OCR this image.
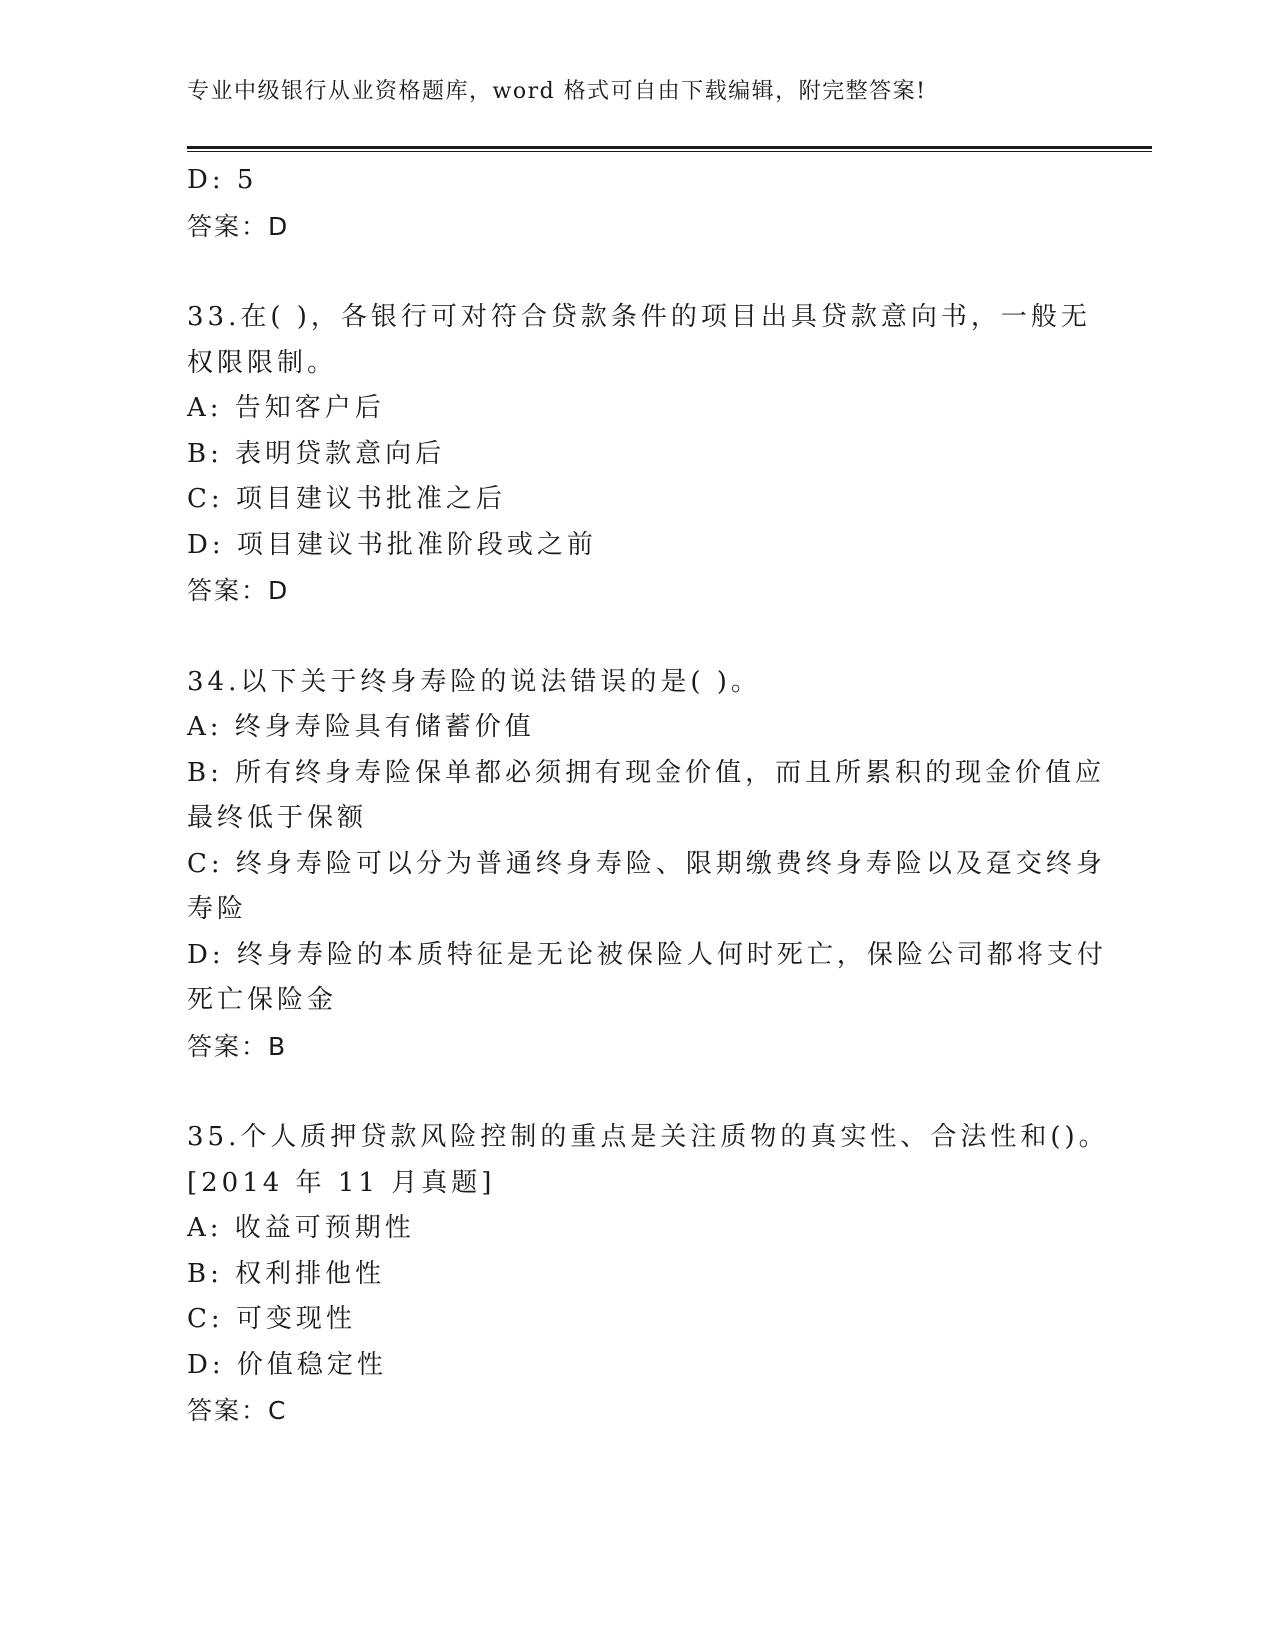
专业中级银行从业资格题库，word 格式可自由下载编辑，附完整答案!
D: 5
答案：D
33.在( )，各银行可对符合贷款条件的项目出具贷款意向书，一般无
权限限制。
A: 告知客户后
B: 表明贷款意向后
C: 项目建议书批准之后
D: 项目建议书批准阶段或之前
答案：D
34.以下关于终身寿险的说法错误的是( )。
A: 终身寿险具有储蓄价值
B: 所有终身寿险保单都必须拥有现金价值，而且所累积的现金价值应
最终低于保额
C: 终身寿险可以分为普通终身寿险、限期缴费终身寿险以及趸交终身
寿险
D: 终身寿险的本质特征是无论被保险人何时死亡，保险公司都将支付
死亡保险金
答案：B
35.个人质押贷款风险控制的重点是关注质物的真实性、合法性和()。
[2014 年 11 月真题]
A: 收益可预期性
B: 权利排他性
C: 可变现性
D: 价值稳定性
答案：C
